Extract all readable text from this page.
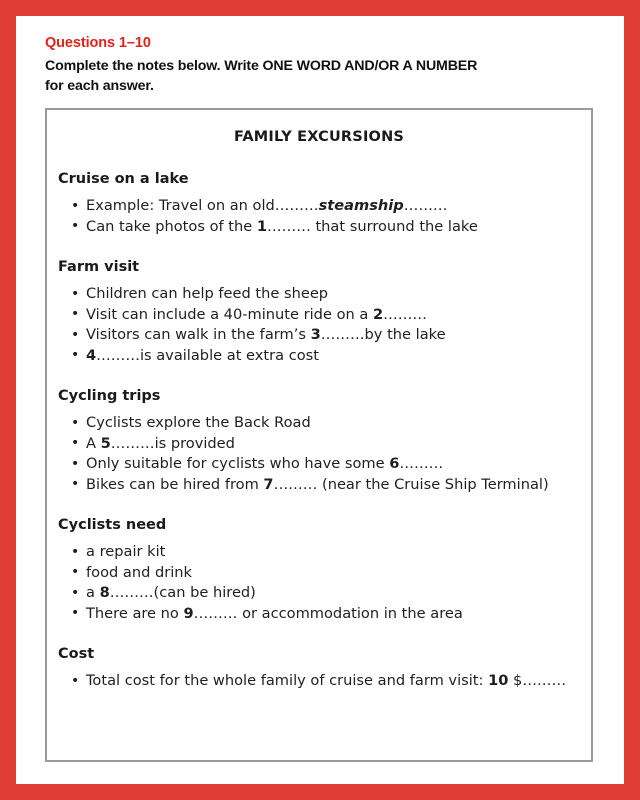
Questions 1–10

Complete the notes below. Write ONE WORD AND/OR A NUMBER for each answer.

FAMILY EXCURSIONS
Cruise on a lake
• Example: Travel on an old………steamship………
• Can take photos of the 1……… that surround the lake
Farm visit
• Children can help feed the sheep
• Visit can include a 40-minute ride on a 2………
• Visitors can walk in the farm’s 3………by the lake
• 4………is available at extra cost
Cycling trips
• Cyclists explore the Back Road
• A 5………is provided
• Only suitable for cyclists who have some 6………
• Bikes can be hired from 7……… (near the Cruise Ship Terminal)
Cyclists need
• a repair kit
• food and drink
• a 8………(can be hired)
• There are no 9……… or accommodation in the area
Cost
• Total cost for the whole family of cruise and farm visit: 10 $………
